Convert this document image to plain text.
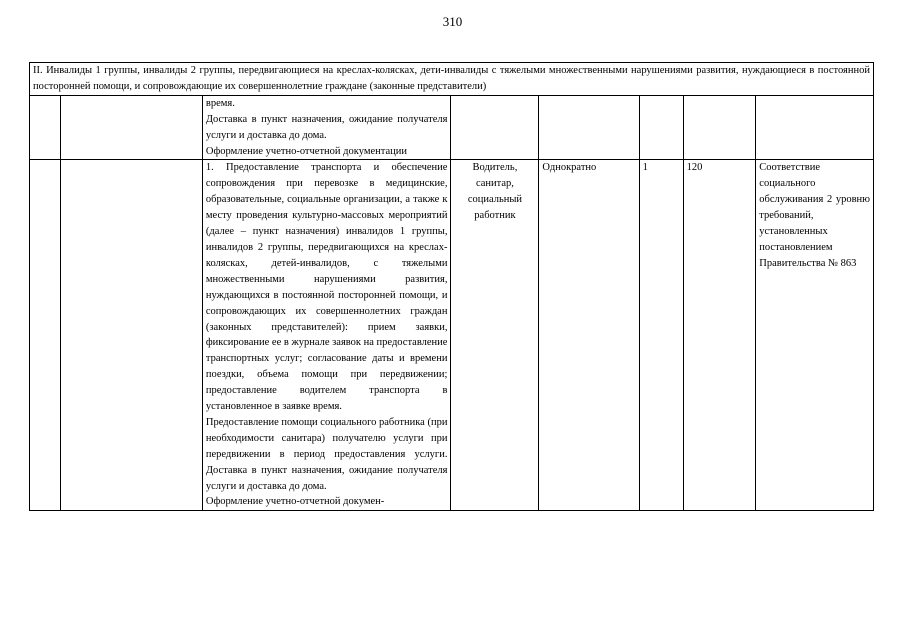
310
II. Инвалиды 1 группы, инвалиды 2 группы, передвигающиеся на креслах-колясках, дети-инвалиды с тяжелыми множественными нарушениями развития, нуждающиеся в постоянной посторонней помощи, и сопровождающие их совершеннолетние граждане (законные представители)							

		время.
Доставка в пункт назначения, ожидание получателя услуги и доставка до дома.
Оформление учетно-отчетной документации					

		1. Предоставление транспорта и обеспечение сопровождения при перевозке в медицинские, образовательные, социальные организации, а также к месту проведения культурно-массовых мероприятий (далее – пункт назначения) инвалидов 1 группы, инвалидов 2 группы, передвигающихся на креслах-колясках, детей-инвалидов, с тяжелыми множественными нарушениями развития, нуждающихся в постоянной посторонней помощи, и сопровождающих их совершеннолетних граждан (законных представителей): прием заявки, фиксирование ее в журнале заявок на предоставление транспортных услуг; согласование даты и времени поездки, объема помощи при передвижении; предоставление водителем транспорта в установленное в заявке время.
Предоставление помощи социального работника (при необходимости санитара) получателю услуги при передвижении в период предоставления услуги. Доставка в пункт назначения, ожидание получателя услуги и доставка до дома.
Оформление учетно-отчетной докумен-	Водитель, санитар, социальный работник	Однократно	1	120	Соответствие социального обслуживания 2 уровню требований, установленных постановлением Правительства № 863
